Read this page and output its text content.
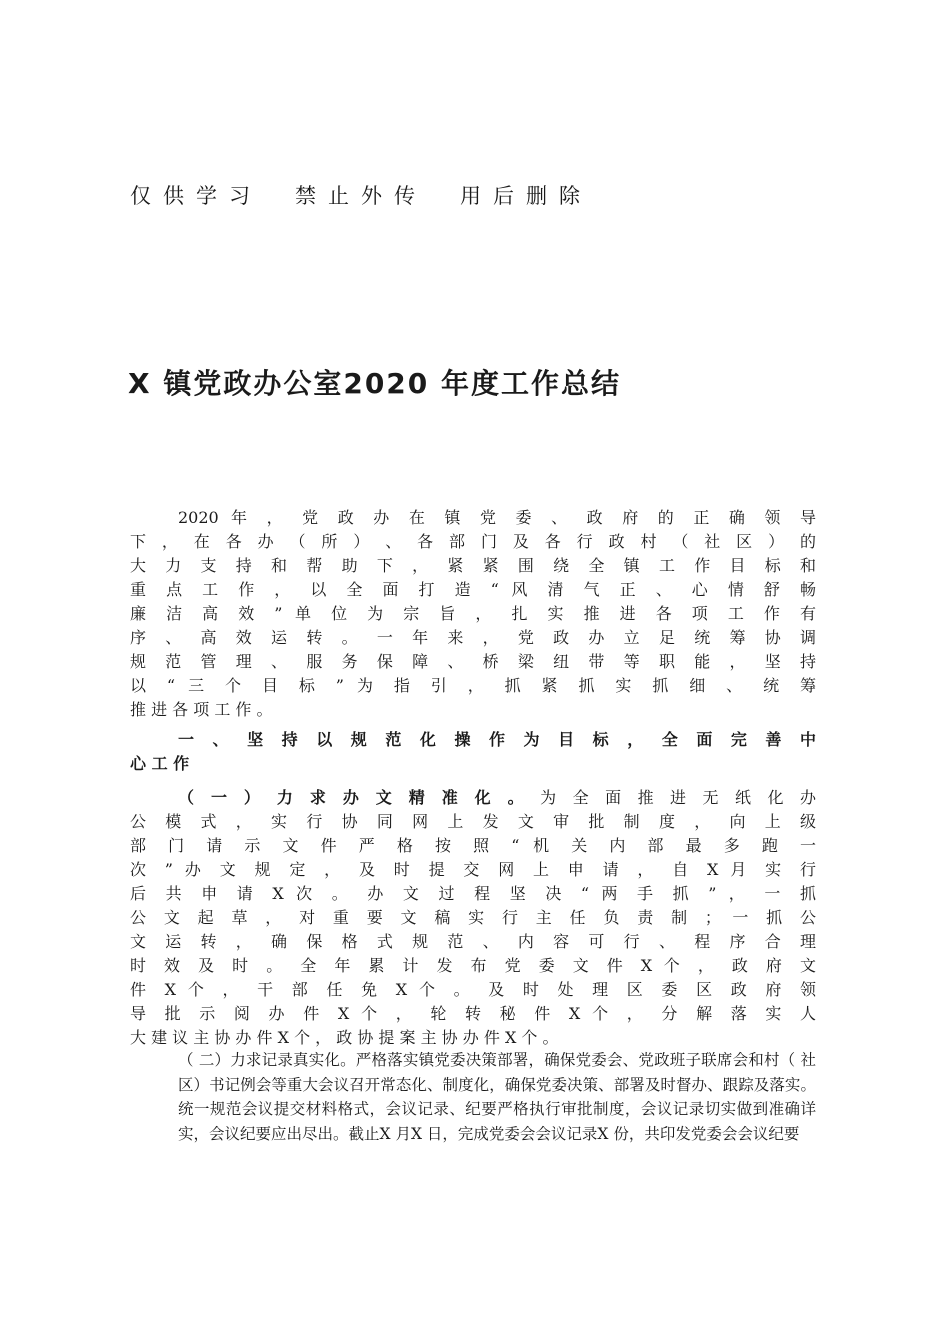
仅供学习　禁止外传　用后删除
X 镇党政办公室2020 年度工作总结
2020 年 ， 党 政 办 在 镇 党 委 、 政 府 的 正 确 领 导
下 ， 在 各 办 （ 所 ） 、 各 部 门 及 各 行 政 村 （ 社 区 ） 的
大 力 支 持 和 帮 助 下 ， 紧 紧 围 绕 全 镇 工 作 目 标 和
重 点 工 作 ， 以 全 面 打 造 “ 风 清 气 正 、 心 情 舒 畅
廉 洁 高 效 ” 单 位 为 宗 旨 ， 扎 实 推 进 各 项 工 作 有
序 、 高 效 运 转 。 一 年 来 ， 党 政 办 立 足 统 筹 协 调
规 范 管 理 、 服 务 保 障 、 桥 梁 纽 带 等 职 能 ， 坚 持
以 “ 三 个 目 标 ” 为 指 引 ， 抓 紧 抓 实 抓 细 、 统 筹
推 进 各 项 工 作 。
一 、 坚 持 以 规 范 化 操 作 为 目 标 ， 全 面 完 善 中
心 工 作
（ 一 ） 力 求 办 文 精 准 化 。 为 全 面 推 进 无 纸 化 办
公 模 式 ， 实 行 协 同 网 上 发 文 审 批 制 度 ， 向 上 级
部 门 请 示 文 件 严 格 按 照 “ 机 关 内 部 最 多 跑 一
次 ” 办 文 规 定 ， 及 时 提 交 网 上 申 请 ， 自 X 月 实 行
后 共 申 请 X 次 。 办 文 过 程 坚 决 “ 两 手 抓 ” ， 一 抓
公 文 起 草 ， 对 重 要 文 稿 实 行 主 任 负 责 制 ； 一 抓 公
文 运 转 ， 确 保 格 式 规 范 、 内 容 可 行 、 程 序 合 理
时 效 及 时 。 全 年 累 计 发 布 党 委 文 件 X 个 ， 政 府 文
件 X 个 ， 干 部 任 免 X 个 。 及 时 处 理 区 委 区 政 府 领
导 批 示 阅 办 件 X 个 ， 轮 转 秘 件 X 个 ， 分 解 落 实 人
大 建 议 主 协 办 件 X 个 ， 政 协 提 案 主 协 办 件 X 个 。
（ 二）力求记录真实化。严格落实镇党委决策部署，确保党委会、党政班子联席会和村（ 社区）书记例会等重大会议召开常态化、制度化，确保党委决策、部署及时督办、跟踪及落实。统一规范会议提交材料格式，会议记录、纪要严格执行审批制度，会议记录切实做到准确详实，会议纪要应出尽出。截止X 月X 日，完成党委会会议记录X 份，共印发党委会会议纪要
